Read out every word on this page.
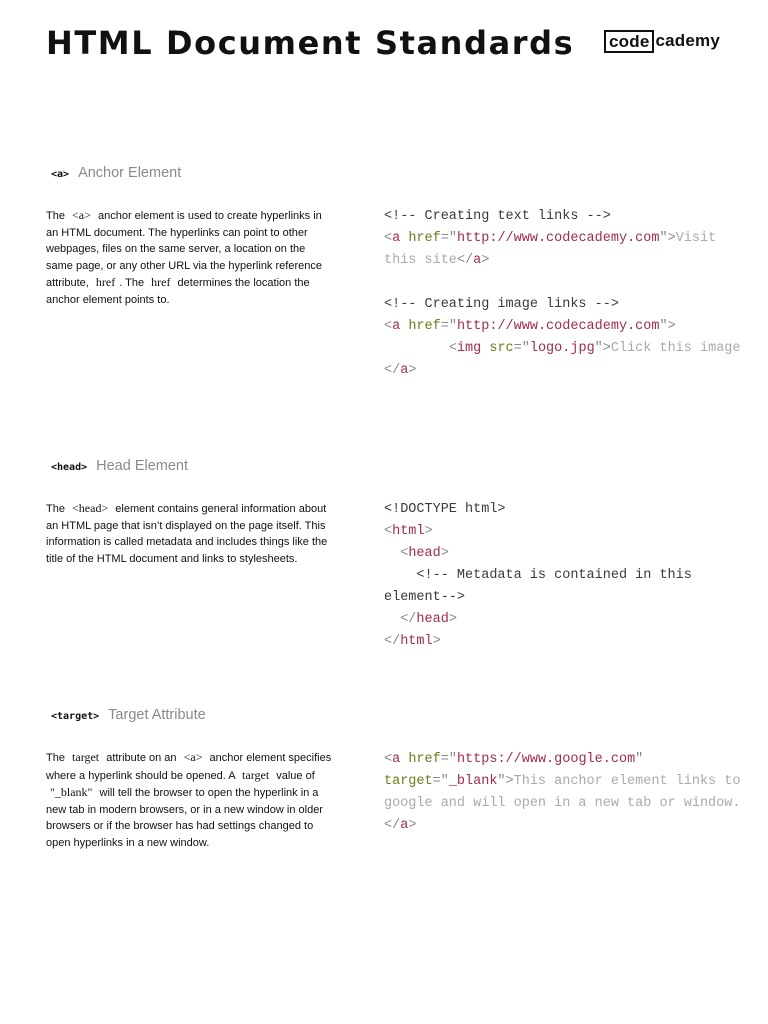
HTML Document Standards code cademy
<a> Anchor Element

The <a> anchor element is used to create hyperlinks in an HTML document. The hyperlinks can point to other webpages, files on the same server, a location on the same page, or any other URL via the hyperlink reference attribute, href . The href determines the location the anchor element points to.

<!-- Creating text links -->
<a href="http://www.codecademy.com">Visit this site</a>

<!-- Creating image links -->
<a href="http://www.codecademy.com">
<img src="logo.jpg">Click this image
</a>
<head> Head Element

The <head> element contains general information about an HTML page that isn’t displayed on the page itself. This information is called metadata and includes things like the title of the HTML document and links to stylesheets.

<!DOCTYPE html>
<html>
<head>
<!-- Metadata is contained in this element-->
</head>
</html>
<target> Target Attribute

The target attribute on an <a> anchor element specifies where a hyperlink should be opened. A target value of "_blank" will tell the browser to open the hyperlink in a new tab in modern browsers, or in a new window in older browsers or if the browser has had settings changed to open hyperlinks in a new window.

<a href="https://www.google.com"
target="_blank">This anchor element links to google and will open in a new tab or window.</a>
